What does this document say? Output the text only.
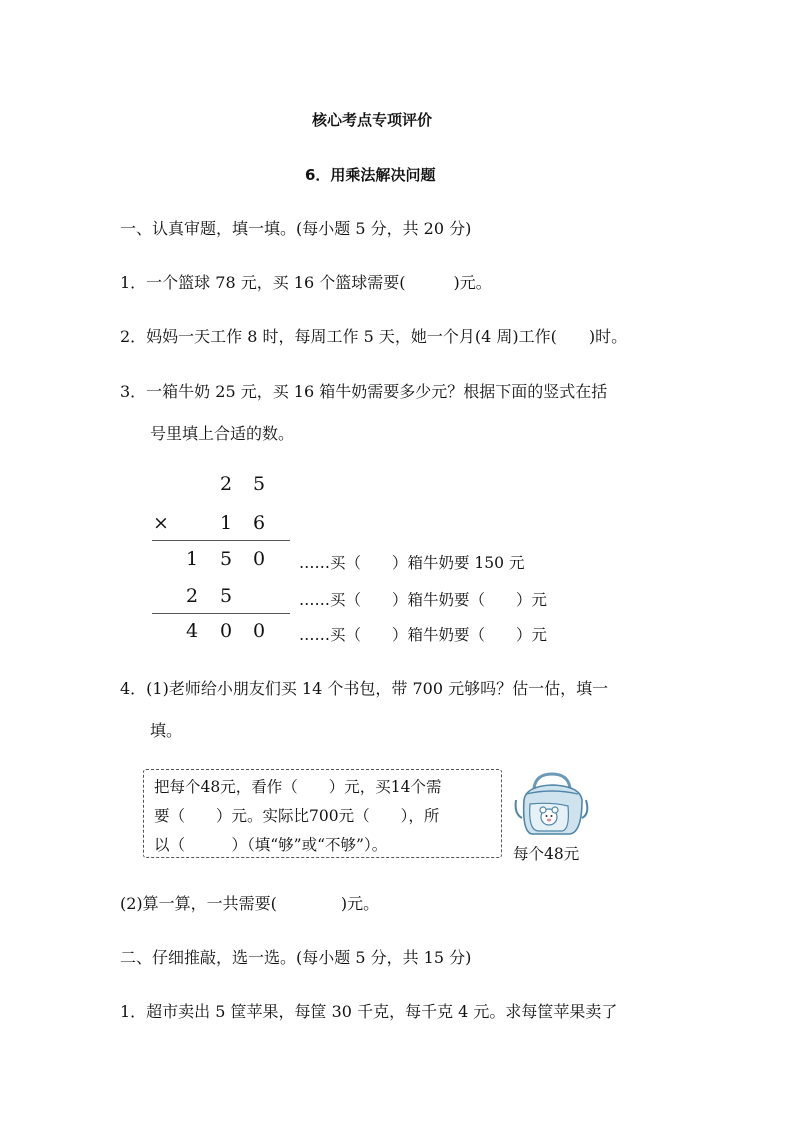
核心考点专项评价
6．用乘法解决问题
一、认真审题，填一填。(每小题 5 分，共 20 分)
1．一个篮球 78 元，买 16 个篮球需要(　　　)元。
2．妈妈一天工作 8 时，每周工作 5 天，她一个月(4 周)工作(　　)时。
3．一箱牛奶 25 元，买 16 箱牛奶需要多少元？根据下面的竖式在括
号里填上合适的数。
2 5
×	1 6
1 5 0	……买（　　）箱牛奶要 150 元
2 5	……买（　　）箱牛奶要（　　）元
4 0 0	……买（　　）箱牛奶要（　　）元
4．(1)老师给小朋友们买 14 个书包，带 700 元够吗？估一估，填一
填。
把每个48元，看作（　　）元，买14个需
要（　　）元。实际比700元（　　），所
以（　　　）（填“够”或“不够”）。	每个48元
(2)算一算，一共需要(　　　　)元。
二、仔细推敲，选一选。(每小题 5 分，共 15 分)
1．超市卖出 5 筐苹果，每筐 30 千克，每千克 4 元。求每筐苹果卖了
